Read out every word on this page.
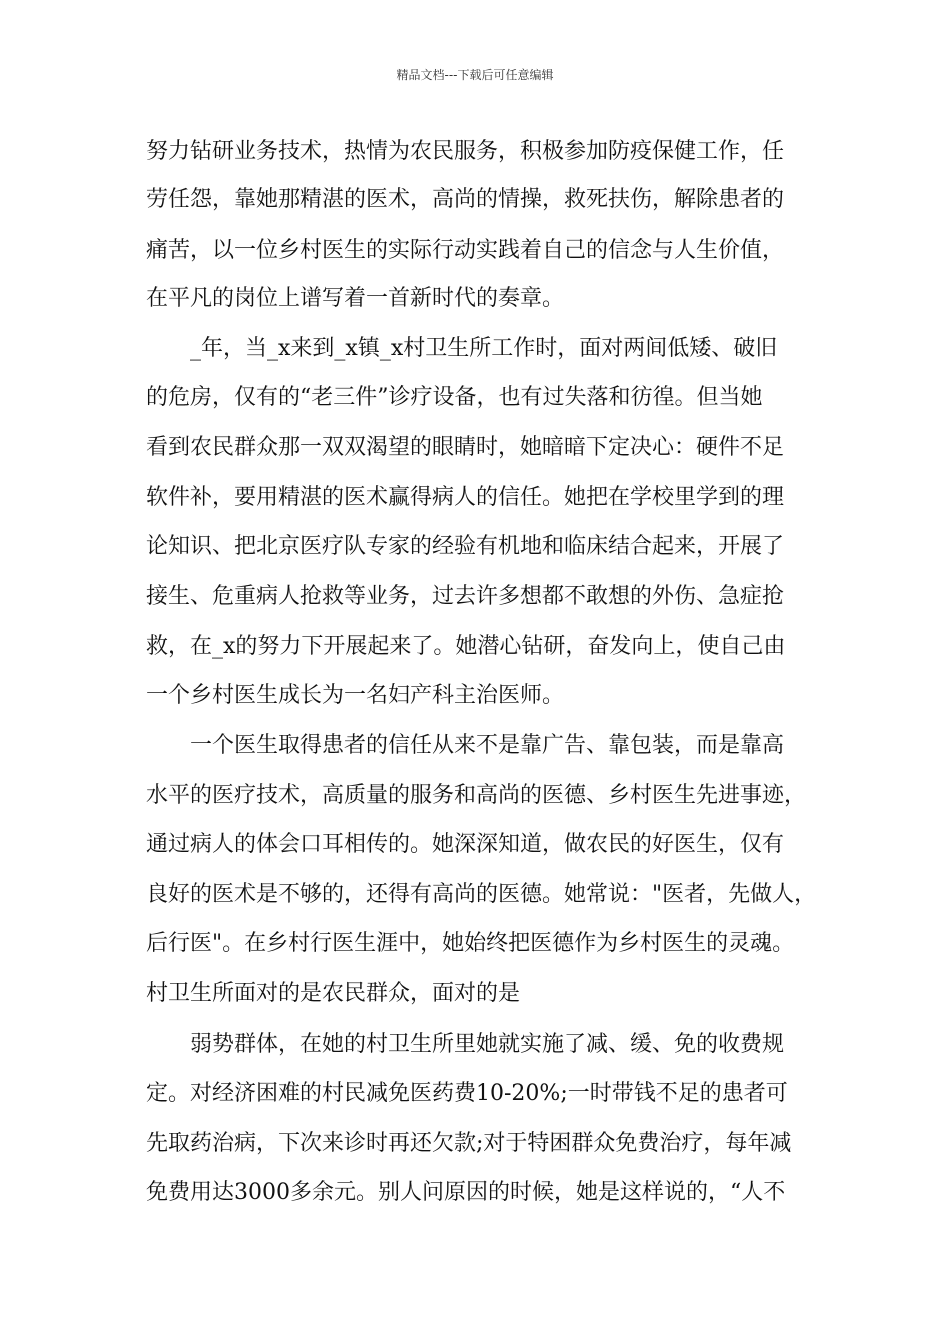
精品文档---下载后可任意编辑
努力钻研业务技术，热情为农民服务，积极参加防疫保健工作，任
劳任怨，靠她那精湛的医术，高尚的情操，救死扶伤，解除患者的
痛苦，以一位乡村医生的实际行动实践着自己的信念与人生价值，
在平凡的岗位上谱写着一首新时代的奏章。
_年，当_x来到_x镇_x村卫生所工作时，面对两间低矮、破旧
的危房，仅有的“老三件”诊疗设备，也有过失落和彷徨。但当她
看到农民群众那一双双渴望的眼睛时，她暗暗下定决心：硬件不足
软件补，要用精湛的医术赢得病人的信任。她把在学校里学到的理
论知识、把北京医疗队专家的经验有机地和临床结合起来，开展了
接生、危重病人抢救等业务，过去许多想都不敢想的外伤、急症抢
救，在_x的努力下开展起来了。她潜心钻研，奋发向上，使自己由
一个乡村医生成长为一名妇产科主治医师。
一个医生取得患者的信任从来不是靠广告、靠包装，而是靠高
水平的医疗技术，高质量的服务和高尚的医德、乡村医生先进事迹，
通过病人的体会口耳相传的。她深深知道，做农民的好医生，仅有
良好的医术是不够的，还得有高尚的医德。她常说："医者，先做人，
后行医"。在乡村行医生涯中，她始终把医德作为乡村医生的灵魂。
村卫生所面对的是农民群众，面对的是
弱势群体，在她的村卫生所里她就实施了减、缓、免的收费规
定。对经济困难的村民减免医药费10-20%;一时带钱不足的患者可
先取药治病，下次来诊时再还欠款;对于特困群众免费治疗，每年减
免费用达3000多余元。别人问原因的时候，她是这样说的，“人不
